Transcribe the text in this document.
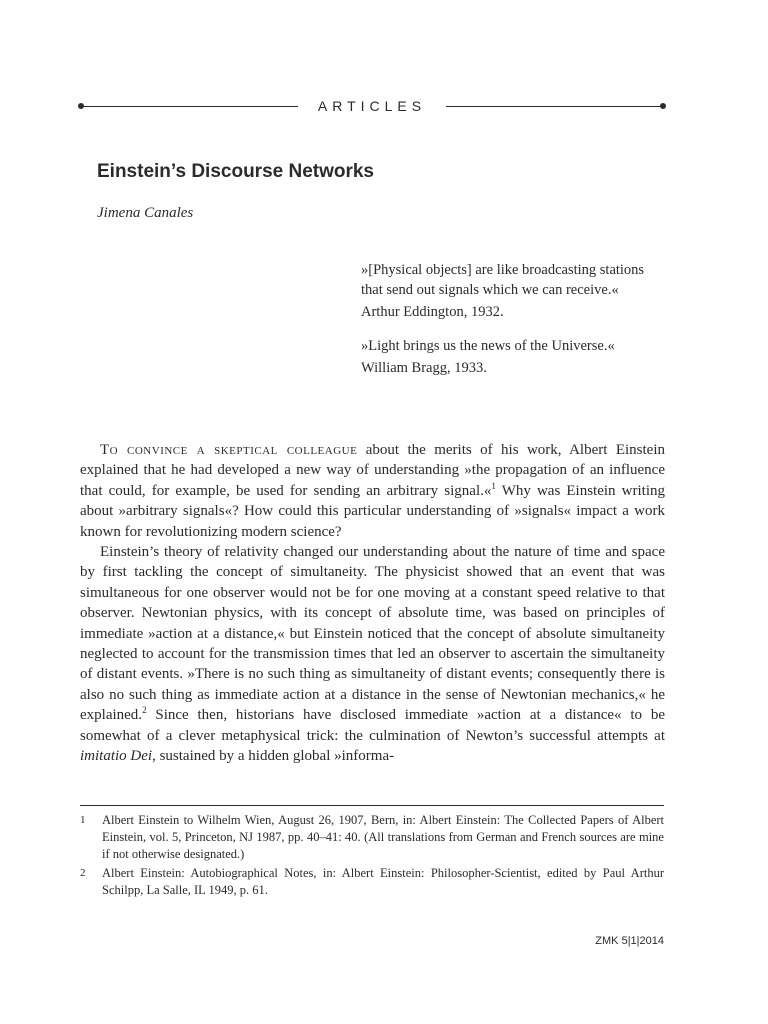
ARTICLES
Einstein’s Discourse Networks
Jimena Canales
»[Physical objects] are like broadcasting stations that send out signals which we can receive.«
Arthur Eddington, 1932.
»Light brings us the news of the Universe.«
William Bragg, 1933.

To convince a skeptical colleague about the merits of his work, Albert Einstein explained that he had developed a new way of understanding »the propagation of an influence that could, for example, be used for sending an arbitrary signal.«$^1$ Why was Einstein writing about »arbitrary signals«? How could this particular understanding of »signals« impact a work known for revolutionizing modern science?

Einstein’s theory of relativity changed our understanding about the nature of time and space by first tackling the concept of simultaneity. The physicist showed that an event that was simultaneous for one observer would not be for one moving at a constant speed relative to that observer. Newtonian physics, with its concept of absolute time, was based on principles of immediate »action at a distance,« but Einstein noticed that the concept of absolute simultaneity neglected to account for the transmission times that led an observer to ascertain the simultaneity of distant events. »There is no such thing as simultaneity of distant events; consequently there is also no such thing as immediate action at a distance in the sense of Newtonian mechanics,« he explained.$^2$ Since then, historians have disclosed immediate »action at a distance« to be somewhat of a clever metaphysical trick: the culmination of Newton’s successful attempts at imitatio Dei, sustained by a hidden global »informa-

1	Albert Einstein to Wilhelm Wien, August 26, 1907, Bern, in: Albert Einstein: The Collected Papers of Albert Einstein, vol. 5, Princeton, NJ 1987, pp. 40–41: 40. (All translations from German and French sources are mine if not otherwise designated.)
2	Albert Einstein: Autobiographical Notes, in: Albert Einstein: Philosopher-Scientist, edited by Paul Arthur Schilpp, La Salle, IL 1949, p. 61.
ZMK 5|1|2014
